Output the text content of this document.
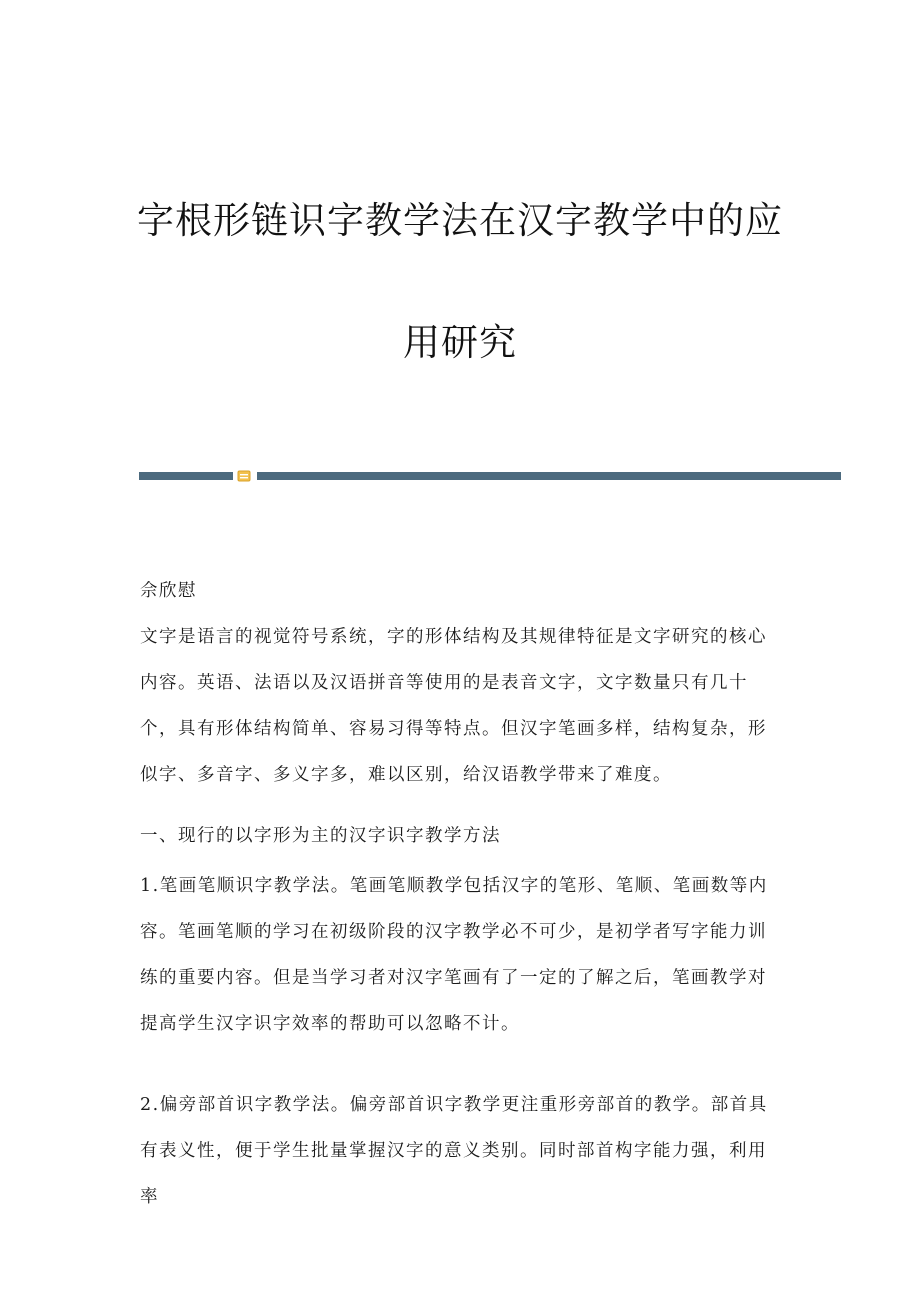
字根形链识字教学法在汉字教学中的应
用研究
佘欣慰
文字是语言的视觉符号系统，字的形体结构及其规律特征是文字研究的核心内容。英语、法语以及汉语拼音等使用的是表音文字，文字数量只有几十个，具有形体结构简单、容易习得等特点。但汉字笔画多样，结构复杂，形似字、多音字、多义字多，难以区别，给汉语教学带来了难度。
一、现行的以字形为主的汉字识字教学方法
1.笔画笔顺识字教学法。笔画笔顺教学包括汉字的笔形、笔顺、笔画数等内容。笔画笔顺的学习在初级阶段的汉字教学必不可少，是初学者写字能力训练的重要内容。但是当学习者对汉字笔画有了一定的了解之后，笔画教学对提高学生汉字识字效率的帮助可以忽略不计。
2.偏旁部首识字教学法。偏旁部首识字教学更注重形旁部首的教学。部首具有表义性，便于学生批量掌握汉字的意义类别。同时部首构字能力强，利用率
